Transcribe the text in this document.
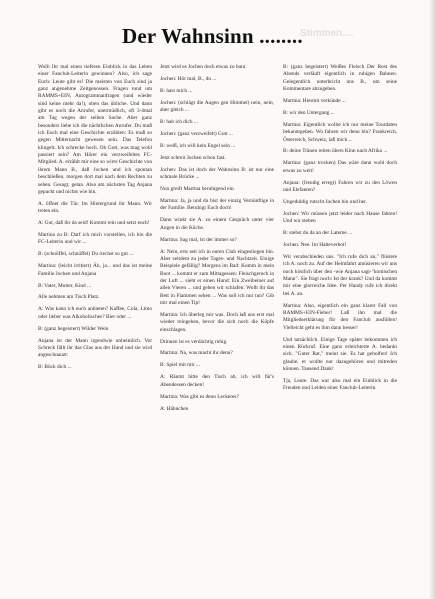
Der Wahnsinn ........
Stimmen....

Wolli Ihr mal einen tieferen Einblick in das Leben einer Fanclub-Leiterin gewinnen? Also, ich sage Euch: Leute gibt es! Die meisten von Euch sind ja ganz angenehme Zeitgenossen. Fragen rund um RAMMS+EIN, Autogrammanfragen (und wieder sind keine mehr da!), oben das übliche. Und dann gibt es noch die Anrufer, unermüdlich, oft 3-4mal am Tag wegen der selben Sache. Aber ganz besonders liebe ich die nächtlichen Anrufer. Du muß ich Euch mal eine Geschichte erzählen: Es muß so gegen Mitternacht gewesen sein. Das Telefon klingelt. Ich schrecke hoch. Oh Gott, was mag wohl passiert sein? Am Hörer ein verzweifeltes FC-Mitglied. A. erzählt mir eine so wirre Geschichte von ihrem Mann B., daß Jochen und ich spontan beschließen, morgen dort mal nach dem Rechten zu sehen. Gesagt, getan. Also am nächsten Tag Anjana gepackt und nichts wie hin.

A. öffnet die Tür. Im Hintergrund ihr Mann. Wir treten ein.

A: Gut, daß ihr da seid! Kommt rein und setzt euch!

Martina zu B: Darf ich mich vorstellen, ich bin die FC-Leiterin und wir ...

B: (schnüffel, schnüffel) Du riechst so gut ...

Martina: (leicht irritiert) Äh, ja... und das ist meine Familie Jochen und Anjana

B: Vater, Mutter, Kind ...

Alle nehmen am Tisch Platz.

A: Was kann ich euch anbieten? Kaffee, Cola, Limo oder lieber was Alkoholisches? Bier oder ...

B: (ganz begeistert) Wilder Wein

Anjana ist der Mann irgendwie unheimlich. Vor Schreck fällt ihr das Glas aus der Hand und sie wird angeschnauzt:

B: Bück dich ...

Jetzt wird es Jochen doch etwas zu bunt.

Jochen: Hör mal, B., du ...

B: hast mich ...

Jochen: (schlägt die Augen gen Himmel) nein, nein, aber gleich ...

B: hab ich dich ...

Jochen: (ganz verzweifelt) Gott ...

B: weiß, ich will kein Engel sein ...

Jetzt schreit Jochen schon fast.

Jochen: Das ist doch der Wahnsinn B: ist nur eine schmale Brücke ...

Nun greift Martina beruhigend ein.

Martina: Ja, ja und du bist der einzig Vernünftige in der Familie. Beruhigt Euch doch!

Dann winkt sie A. zu einem Gespräch unter vier Augen in die Küche.

Martina: Sag mal, ist der immer so?

A: Nein, erst seit ich in euren Club eingestiegen bin. Aber seitdem zu jeder Tages- und Nachtzeit. Einige Beispiele gefällig? Morgens im Bad: Komm in mein Boot ... kommt er zum Mittagessen: Fleischgeruch in der Luft ... sieht er einen Hund: Ein Zweibeiner auf allen Vieren ... und gehen wir schlafen: Wollt ihr das Bett in Flammen sehen ... Was soll ich nur tun? Gib mir mal einen Tip!

Martina: Ich überleg mir was. Doch laß uns erst mal wieder reingehen, bevor die sich noch die Köpfe einschlagen.

Drinnen ist es verdächtig ruhig.

Martina: Na, was macht ihr denn?

B: Spiel mit mir ...

A: Räumt bitte den Tisch ab, ich will für's Abendessen decken!

Martina: Was gibt es denn Leckeres?

A: Hähnchen

B: (ganz begeistert) Weißes Fleisch Der Rest des Abends verläuft eigentlich in ruhigen Bahnen. Gelegentlich unterbricht uns B., um seine Kommentare abzugeben.

Martina: Hiermit verkünde ...

B: wir den Untergang ...

Martina: Eigentlich wollte ich nur meine Tourdaten bekanntgeben. Wo fahren wir denn hin? Frankreich, Österreich, Schweiz, laß mich ...

B: deine Tränen reiten übers Kinn nach Afrika ...

Martina: (ganz trocken) Das wäre dann wohl doch etwas zu weit!

Anjana: (freudig erregt) Fahren wir zu den Löwen und Elefanten?

Ungeduldig rutscht Jochen hin und her.

Jochen: Wir müssen jetzt leider nach Hause fahren! Und wir steben

B: stehst du da an der Laterne ...

Jochen: Nee. Im Halteverbot!

Wir verabschieden uns. "Ich rufe dich an," flüstere ich A. noch zu. Auf der Heimfahrt amüsieren wir uns noch köstlich über den -wie Anjana sagt-"komischen Mann". Sie fragt noch: Ist der krank? Und da kommt mir eine glorreiche Idee. Per Handy rufe ich direkt bei A. an.

Martina: Also, eigentlich ein ganz klarer Fall von RAMMS+EIN-Fieber! Laß ihn mal die Mitgliedserklärung für den Fanclub ausfüllen! Vielleicht geht es ihm dann besser!

Und tatsächlich. Einige Tage später bekommen ich einen Rückruf. Eine ganz erleichterte A. bedankt sich. "Guter Rat," meint sie. Es hat geholfen! Ich glaube, er wollte nur dazugehören und mitreden können. Tausend Dank!

Tja, Leute. Das war also mal ein Einblick in die Freuden und Leiden einer Fanclub-Leiterin.
